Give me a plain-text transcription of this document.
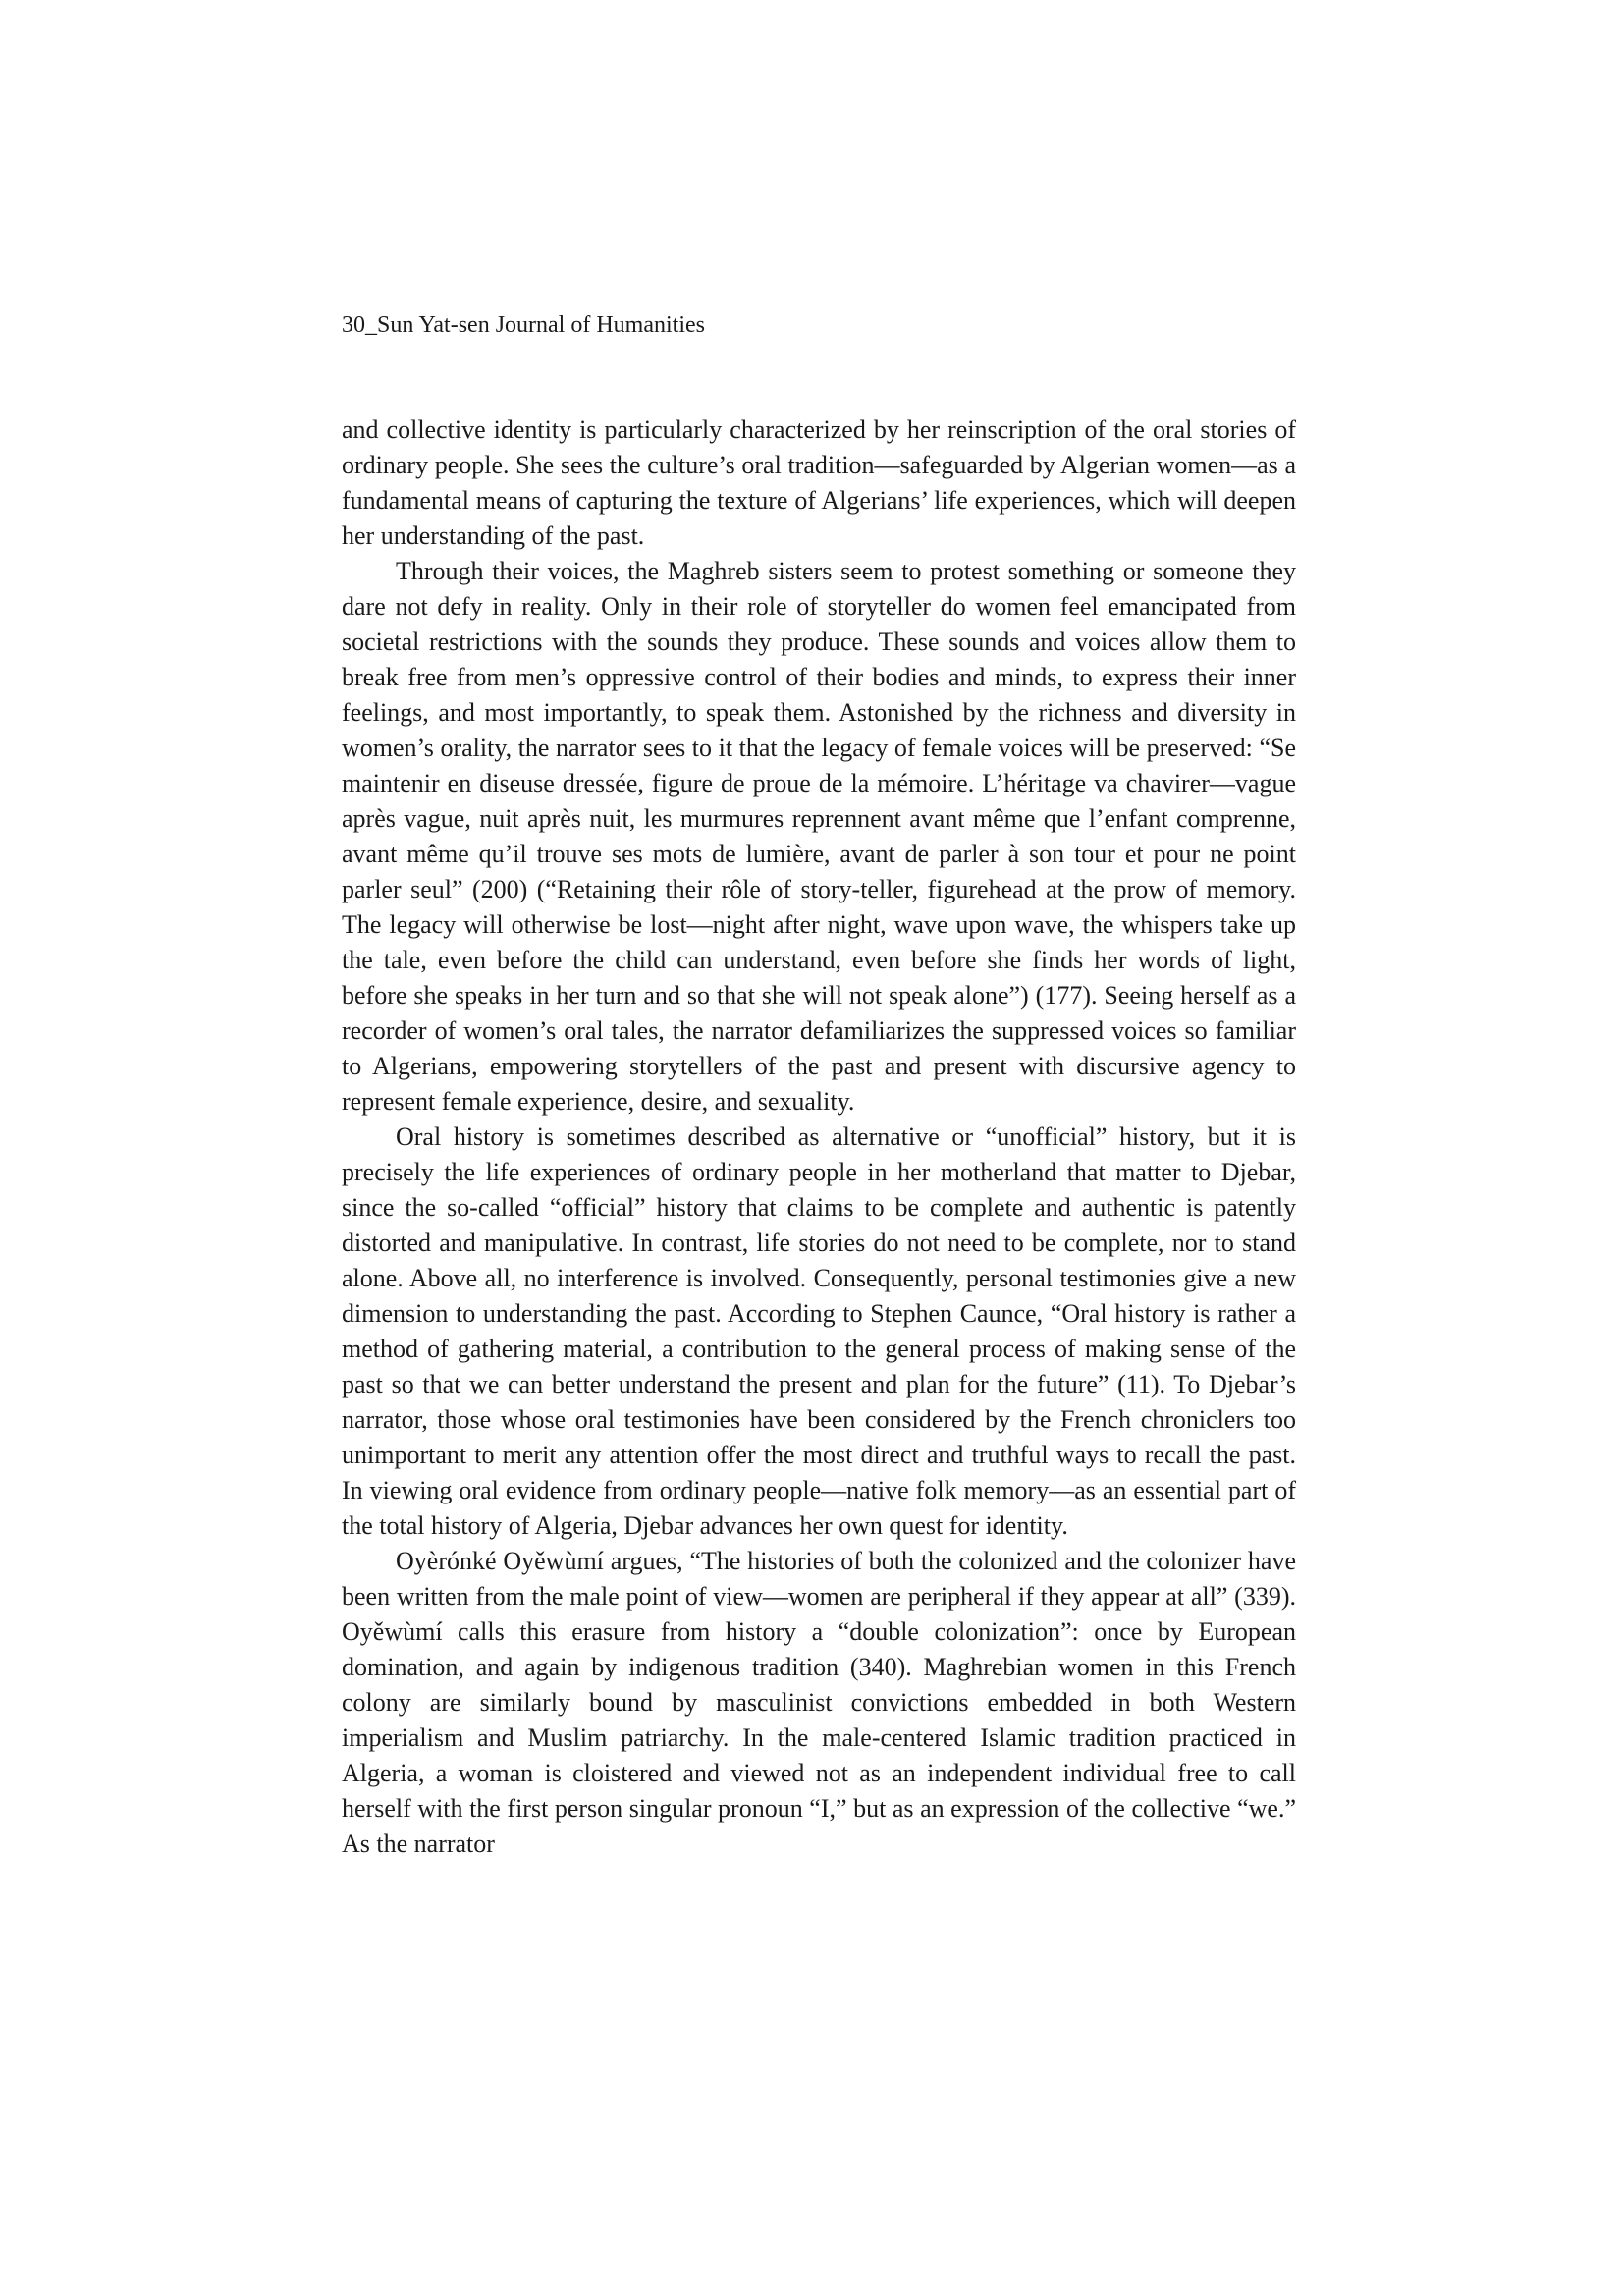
30_Sun Yat-sen Journal of Humanities

and collective identity is particularly characterized by her reinscription of the oral stories of ordinary people. She sees the culture’s oral tradition—safeguarded by Algerian women—as a fundamental means of capturing the texture of Algerians’ life experiences, which will deepen her understanding of the past.

Through their voices, the Maghreb sisters seem to protest something or someone they dare not defy in reality. Only in their role of storyteller do women feel emancipated from societal restrictions with the sounds they produce. These sounds and voices allow them to break free from men’s oppressive control of their bodies and minds, to express their inner feelings, and most importantly, to speak them. Astonished by the richness and diversity in women’s orality, the narrator sees to it that the legacy of female voices will be preserved: “Se maintenir en diseuse dressée, figure de proue de la mémoire. L’héritage va chavirer—vague après vague, nuit après nuit, les murmures reprennent avant même que l’enfant comprenne, avant même qu’il trouve ses mots de lumière, avant de parler à son tour et pour ne point parler seul” (200) (“Retaining their rôle of story-teller, figurehead at the prow of memory. The legacy will otherwise be lost—night after night, wave upon wave, the whispers take up the tale, even before the child can understand, even before she finds her words of light, before she speaks in her turn and so that she will not speak alone”) (177). Seeing herself as a recorder of women’s oral tales, the narrator defamiliarizes the suppressed voices so familiar to Algerians, empowering storytellers of the past and present with discursive agency to represent female experience, desire, and sexuality.

Oral history is sometimes described as alternative or “unofficial” history, but it is precisely the life experiences of ordinary people in her motherland that matter to Djebar, since the so-called “official” history that claims to be complete and authentic is patently distorted and manipulative. In contrast, life stories do not need to be complete, nor to stand alone. Above all, no interference is involved. Consequently, personal testimonies give a new dimension to understanding the past. According to Stephen Caunce, “Oral history is rather a method of gathering material, a contribution to the general process of making sense of the past so that we can better understand the present and plan for the future” (11). To Djebar’s narrator, those whose oral testimonies have been considered by the French chroniclers too unimportant to merit any attention offer the most direct and truthful ways to recall the past. In viewing oral evidence from ordinary people—native folk memory—as an essential part of the total history of Algeria, Djebar advances her own quest for identity.

Oyèrónké Oyěwùmí argues, “The histories of both the colonized and the colonizer have been written from the male point of view—women are peripheral if they appear at all” (339). Oyěwùmí calls this erasure from history a “double colonization”: once by European domination, and again by indigenous tradition (340). Maghrebian women in this French colony are similarly bound by masculinist convictions embedded in both Western imperialism and Muslim patriarchy. In the male-centered Islamic tradition practiced in Algeria, a woman is cloistered and viewed not as an independent individual free to call herself with the first person singular pronoun “I,” but as an expression of the collective “we.” As the narrator
